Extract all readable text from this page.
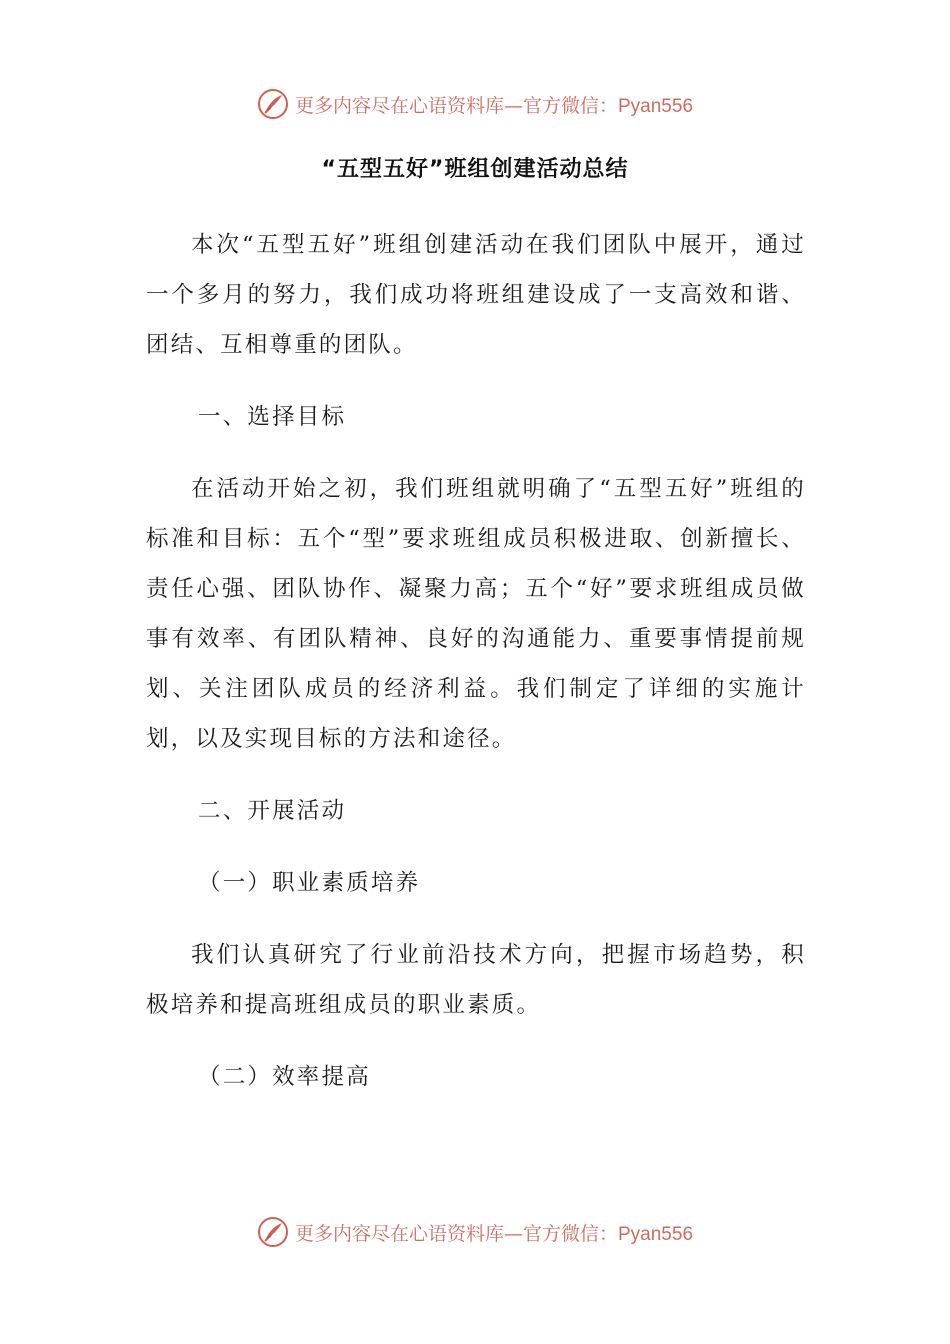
更多内容尽在心语资料库—官方微信：Pyan556
“五型五好”班组创建活动总结

本次“五型五好”班组创建活动在我们团队中展开，通过一个多月的努力，我们成功将班组建设成了一支高效和谐、团结、互相尊重的团队。

一、选择目标

在活动开始之初，我们班组就明确了“五型五好”班组的标准和目标：五个“型”要求班组成员积极进取、创新擅长、责任心强、团队协作、凝聚力高；五个“好”要求班组成员做事有效率、有团队精神、良好的沟通能力、重要事情提前规划、关注团队成员的经济利益。我们制定了详细的实施计划，以及实现目标的方法和途径。

二、开展活动

（一）职业素质培养

我们认真研究了行业前沿技术方向，把握市场趋势，积极培养和提高班组成员的职业素质。

（二）效率提高

更多内容尽在心语资料库—官方微信：Pyan556
